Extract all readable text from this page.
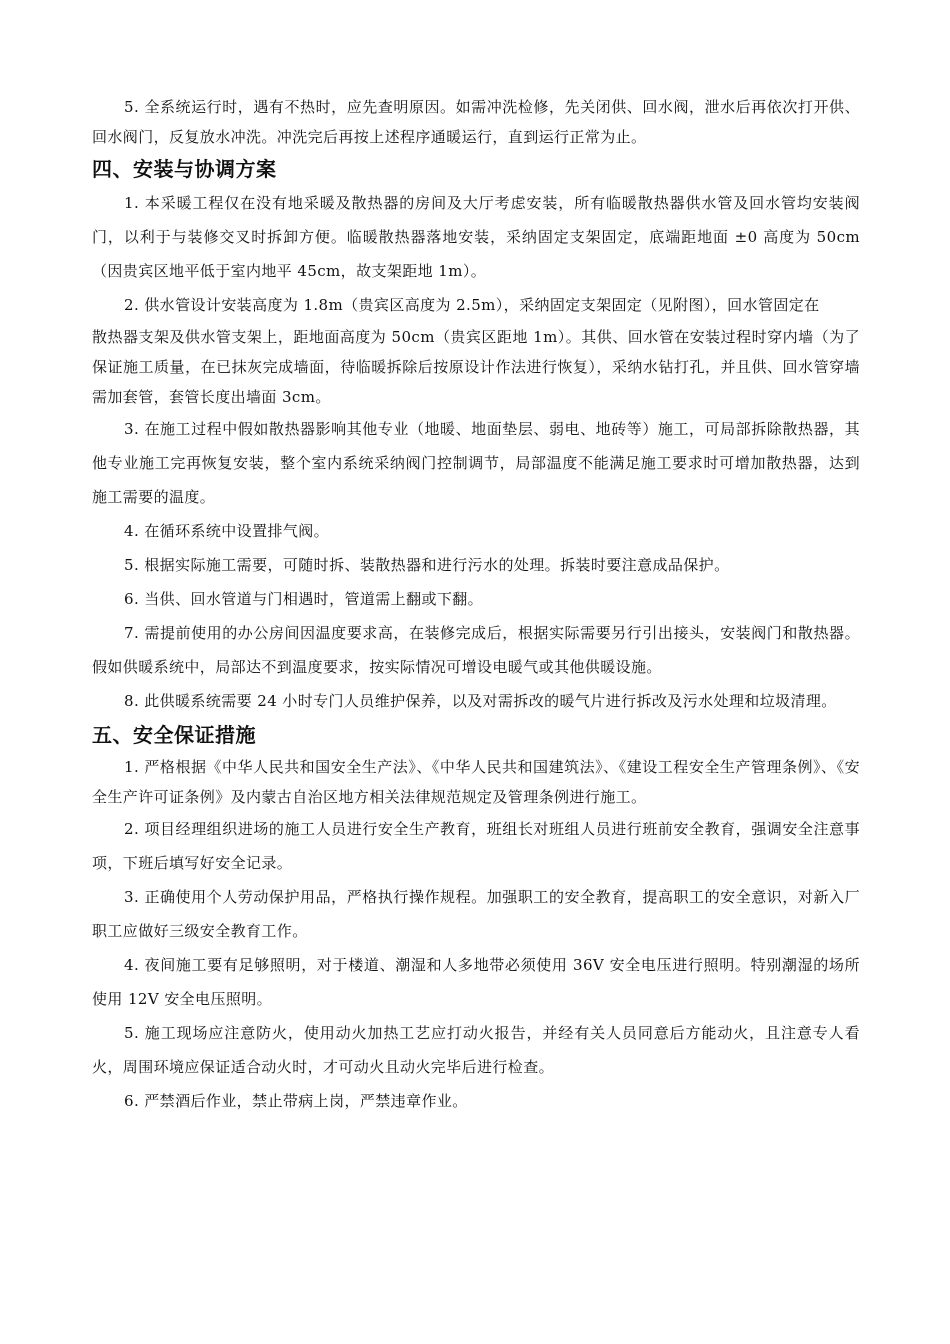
5. 全系统运行时，遇有不热时，应先查明原因。如需冲洗检修，先关闭供、回水阀，泄水后再依次打开供、回水阀门，反复放水冲洗。冲洗完后再按上述程序通暖运行，直到运行正常为止。

四、安装与协调方案

1. 本采暖工程仅在没有地采暖及散热器的房间及大厅考虑安装，所有临暖散热器供水管及回水管均安装阀门，以利于与装修交叉时拆卸方便。临暖散热器落地安装，采纳固定支架固定，底端距地面 ±0 高度为 50cm（因贵宾区地平低于室内地平 45cm，故支架距地 1m）。

2. 供水管设计安装高度为 1.8m（贵宾区高度为 2.5m），采纳固定支架固定（见附图），回水管固定在

散热器支架及供水管支架上，距地面高度为 50cm（贵宾区距地 1m）。其供、回水管在安装过程时穿内墙（为了保证施工质量，在已抹灰完成墙面，待临暖拆除后按原设计作法进行恢复），采纳水钻打孔，并且供、回水管穿墙需加套管，套管长度出墙面 3cm。

3. 在施工过程中假如散热器影响其他专业（地暖、地面垫层、弱电、地砖等）施工，可局部拆除散热器，其他专业施工完再恢复安装，整个室内系统采纳阀门控制调节，局部温度不能满足施工要求时可增加散热器，达到施工需要的温度。

4. 在循环系统中设置排气阀。

5. 根据实际施工需要，可随时拆、装散热器和进行污水的处理。拆装时要注意成品保护。

6. 当供、回水管道与门相遇时，管道需上翻或下翻。

7. 需提前使用的办公房间因温度要求高，在装修完成后，根据实际需要另行引出接头，安装阀门和散热器。假如供暖系统中，局部达不到温度要求，按实际情况可增设电暖气或其他供暖设施。

8. 此供暖系统需要 24 小时专门人员维护保养，以及对需拆改的暖气片进行拆改及污水处理和垃圾清理。

五、安全保证措施

1. 严格根据《中华人民共和国安全生产法》、《中华人民共和国建筑法》、《建设工程安全生产管理条例》、《安全生产许可证条例》及内蒙古自治区地方相关法律规范规定及管理条例进行施工。

2. 项目经理组织进场的施工人员进行安全生产教育，班组长对班组人员进行班前安全教育，强调安全注意事项，下班后填写好安全记录。

3. 正确使用个人劳动保护用品，严格执行操作规程。加强职工的安全教育，提高职工的安全意识，对新入厂职工应做好三级安全教育工作。

4. 夜间施工要有足够照明，对于楼道、潮湿和人多地带必须使用 36V 安全电压进行照明。特别潮湿的场所使用 12V 安全电压照明。

5. 施工现场应注意防火，使用动火加热工艺应打动火报告，并经有关人员同意后方能动火，且注意专人看火，周围环境应保证适合动火时，才可动火且动火完毕后进行检查。

6. 严禁酒后作业，禁止带病上岗，严禁违章作业。
